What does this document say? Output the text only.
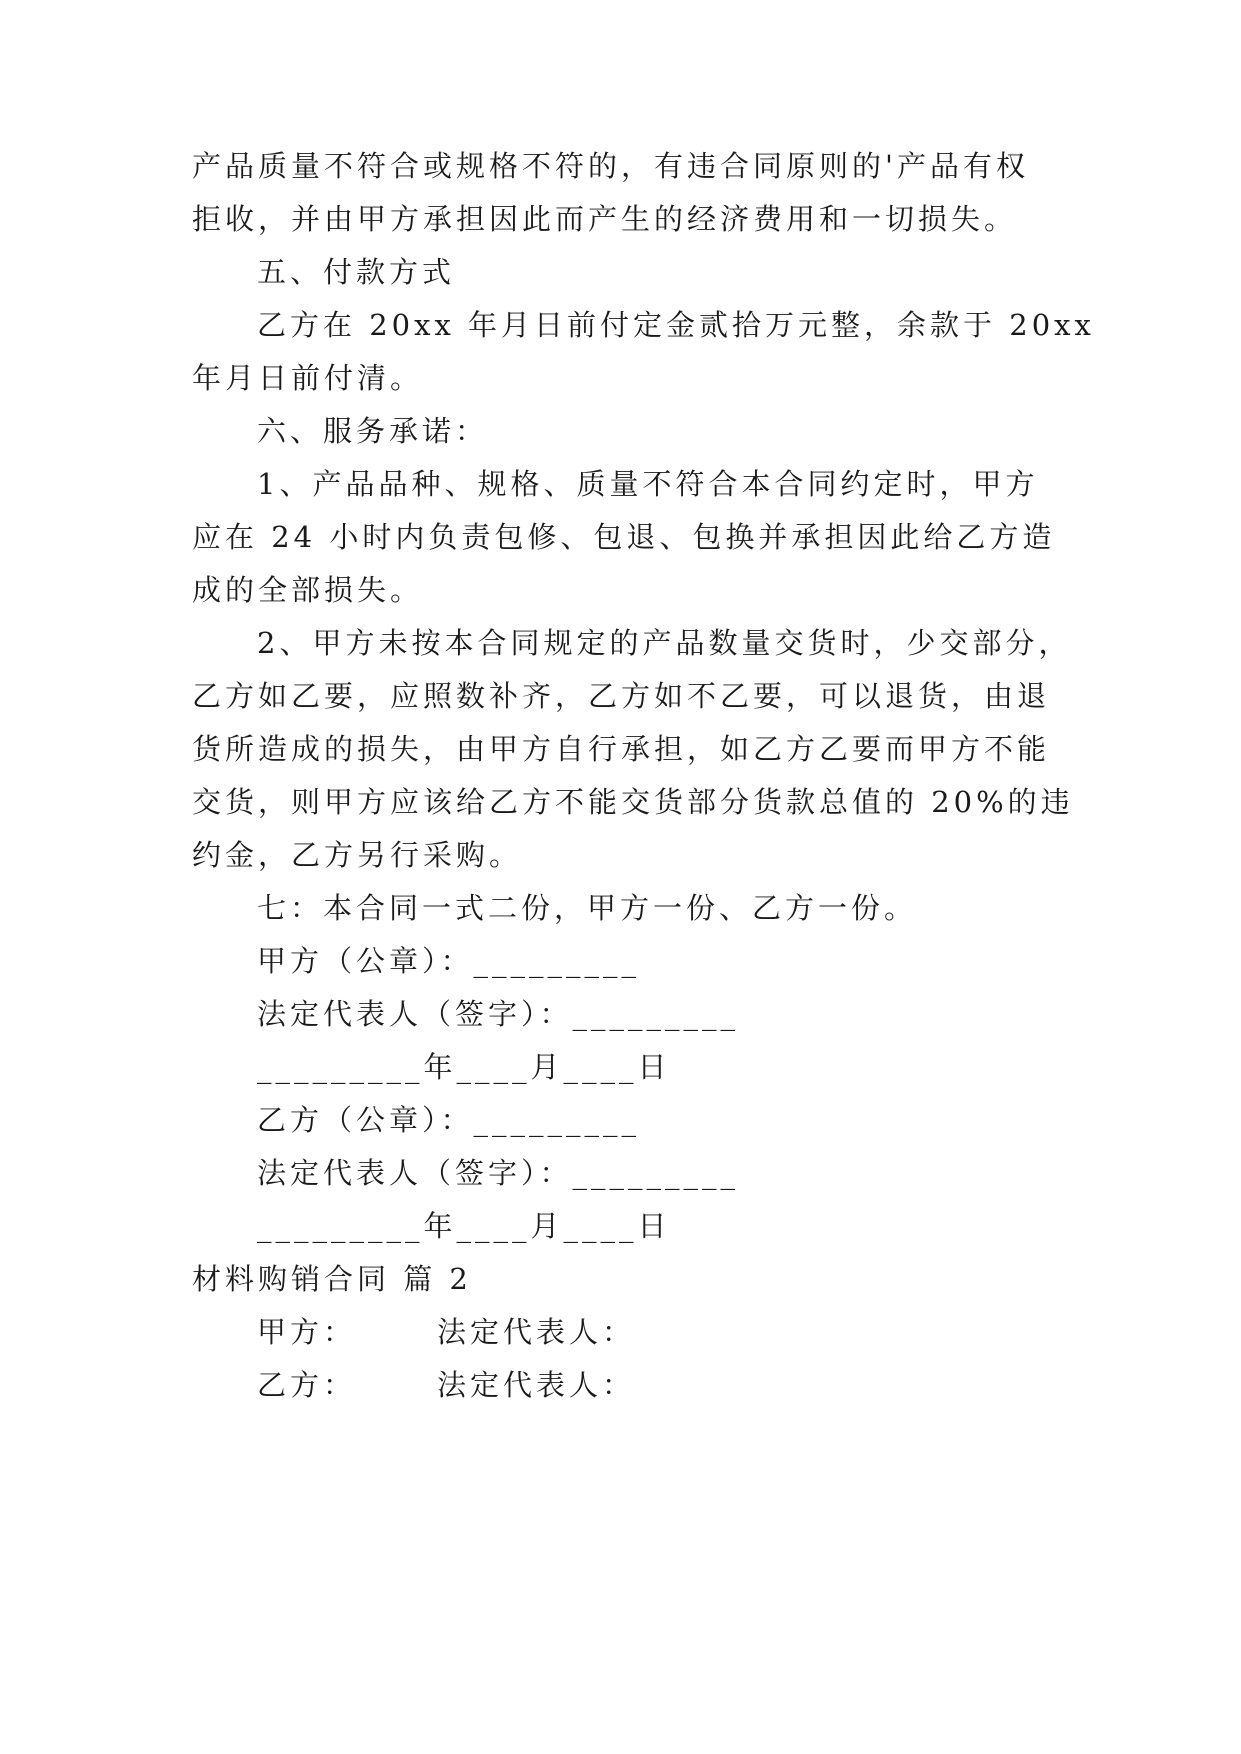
产品质量不符合或规格不符的，有违合同原则的'产品有权
拒收，并由甲方承担因此而产生的经济费用和一切损失。
五、付款方式
乙方在 20xx 年月日前付定金贰拾万元整，余款于 20xx
年月日前付清。
六、服务承诺：
1、产品品种、规格、质量不符合本合同约定时，甲方
应在 24 小时内负责包修、包退、包换并承担因此给乙方造
成的全部损失。
2、甲方未按本合同规定的产品数量交货时，少交部分，
乙方如乙要，应照数补齐，乙方如不乙要，可以退货，由退
货所造成的损失，由甲方自行承担，如乙方乙要而甲方不能
交货，则甲方应该给乙方不能交货部分货款总值的 20%的违
约金，乙方另行采购。
七：本合同一式二份，甲方一份、乙方一份。
甲方（公章）：_________
法定代表人（签字）：_________
_________年____月____日
乙方（公章）：_________
法定代表人（签字）：_________
_________年____月____日
材料购销合同 篇 2
甲方：	法定代表人：
乙方：	法定代表人：
